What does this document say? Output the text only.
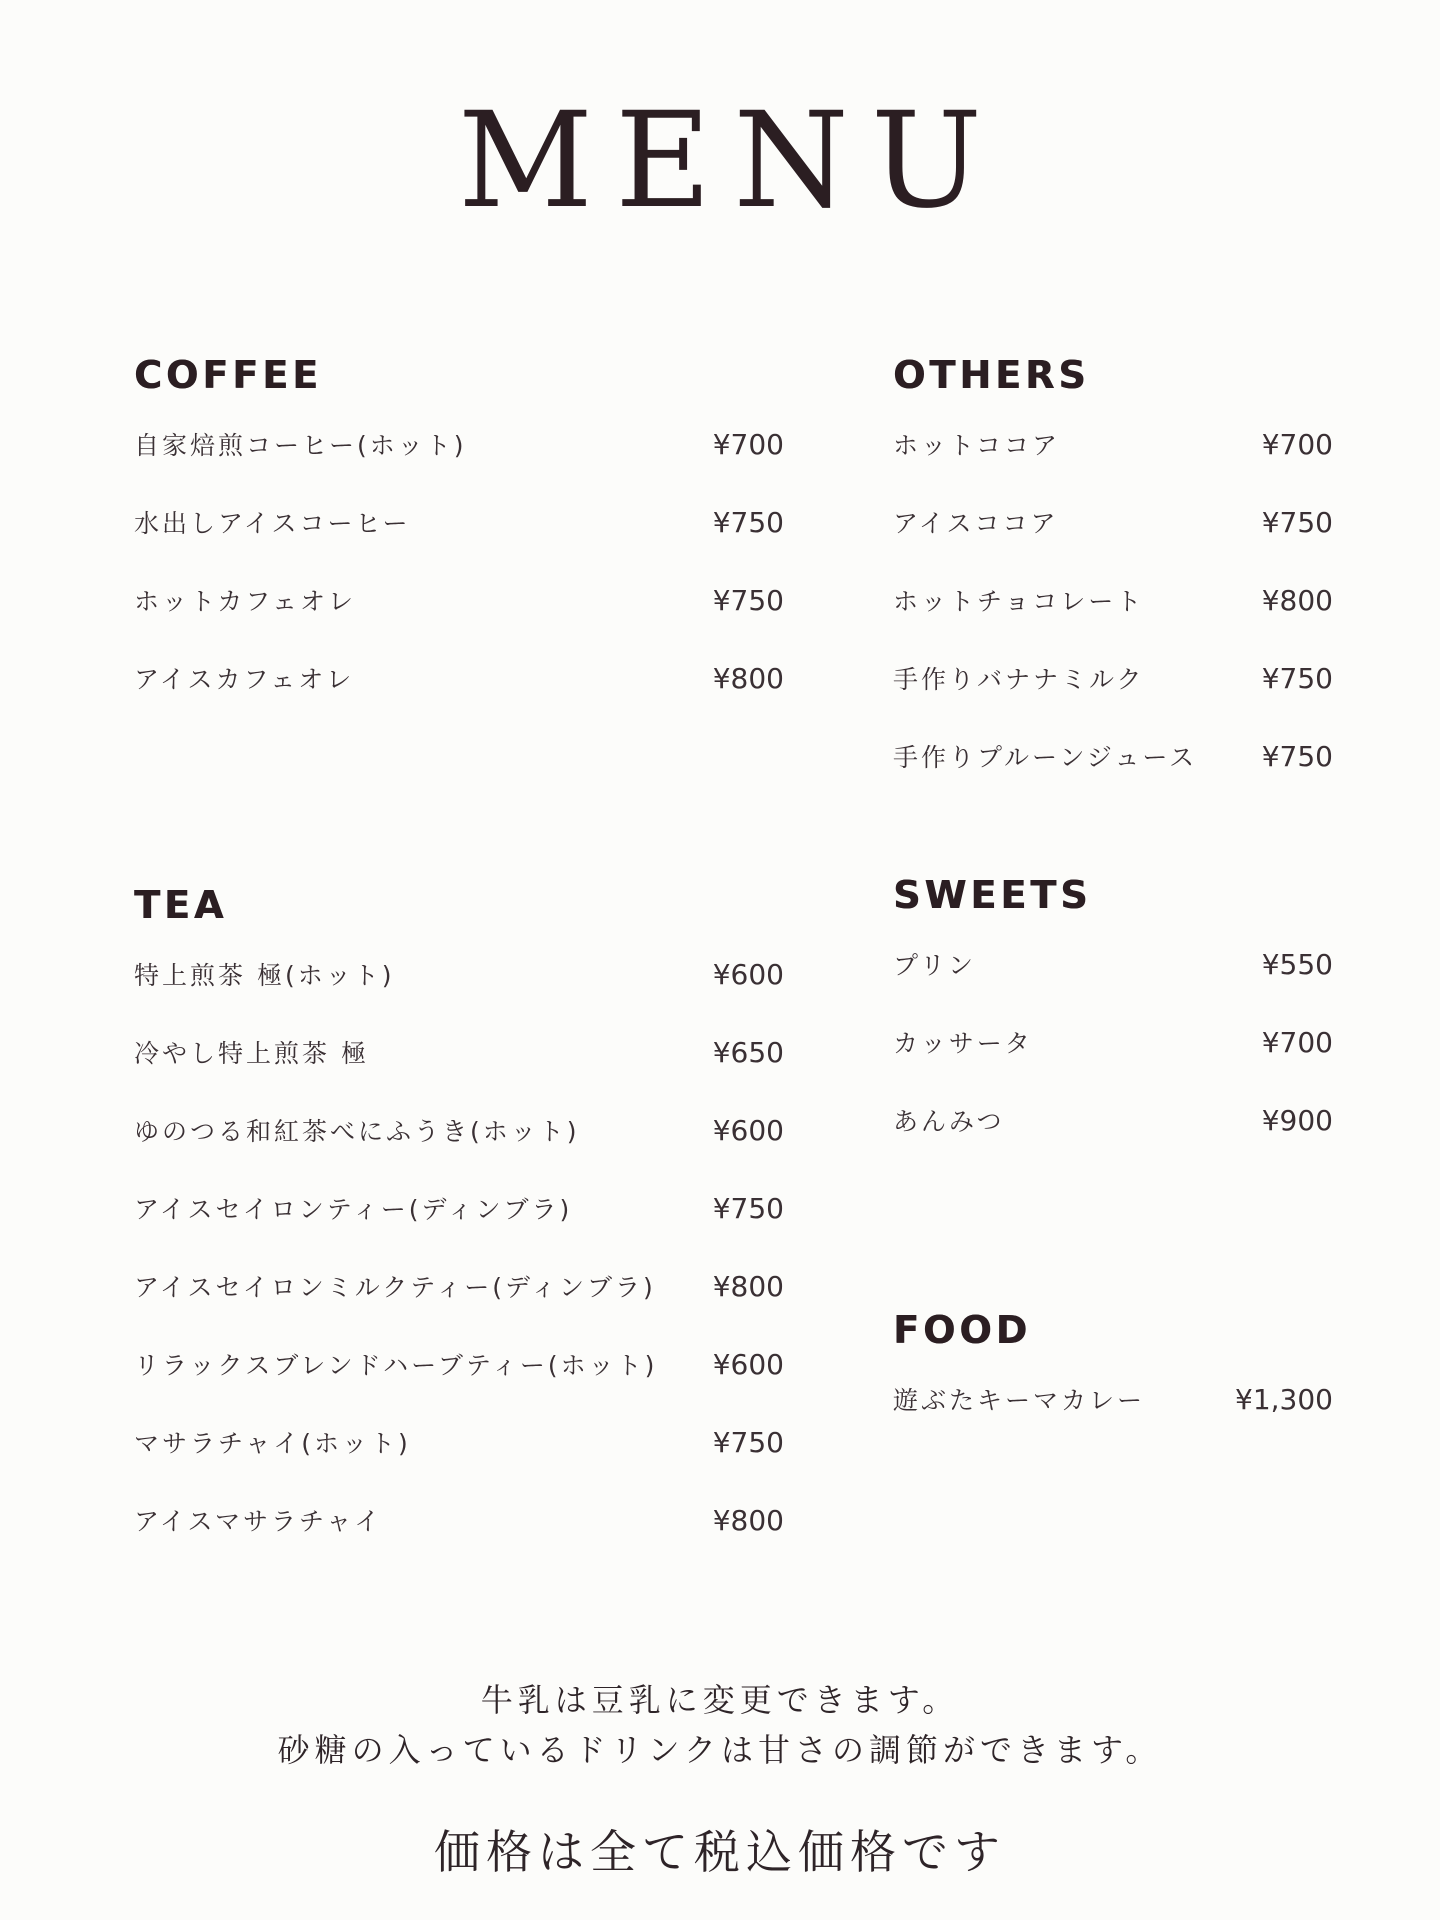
MENU
COFFEE
自家焙煎コーヒー(ホット)	¥700
水出しアイスコーヒー	¥750
ホットカフェオレ	¥750
アイスカフェオレ	¥800
TEA
特上煎茶 極(ホット)	¥600
冷やし特上煎茶 極	¥650
ゆのつる和紅茶べにふうき(ホット)	¥600
アイスセイロンティー(ディンブラ)	¥750
アイスセイロンミルクティー(ディンブラ) ¥800
リラックスブレンドハーブティー(ホット) ¥600
マサラチャイ(ホット)	¥750
アイスマサラチャイ	¥800
OTHERS
ホットココア	¥700
アイスココア	¥750
ホットチョコレート	¥800
手作りバナナミルク	¥750
手作りプルーンジュース ¥750
SWEETS
プリン	¥550
カッサータ	¥700
あんみつ	¥900
FOOD
遊ぶたキーマカレー	¥1,300
牛乳は豆乳に変更できます。
砂糖の入っているドリンクは甘さの調節ができます。
価格は全て税込価格です
